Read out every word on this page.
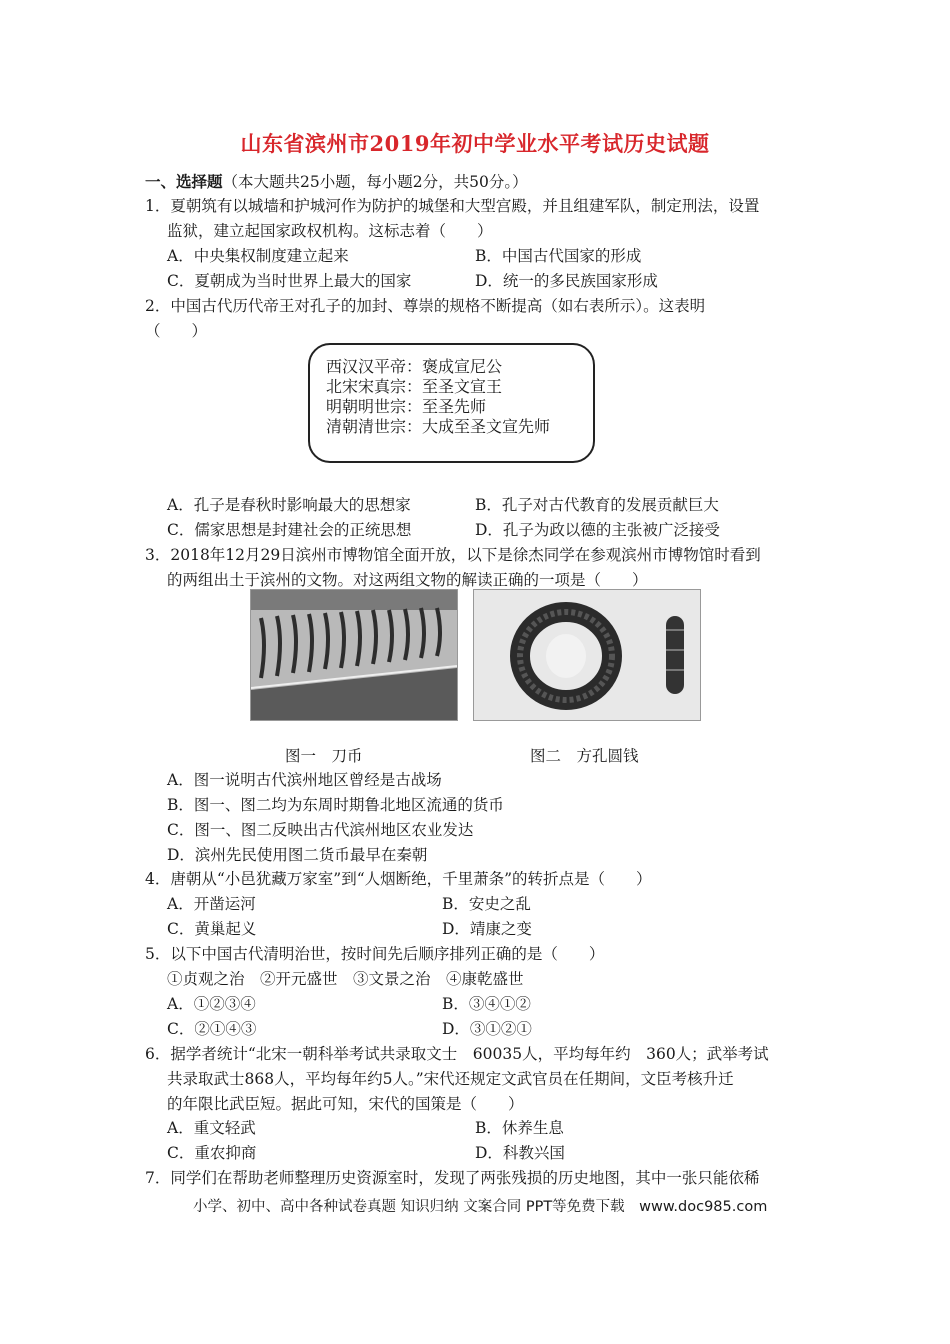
山东省滨州市2019年初中学业水平考试历史试题
一、选择题（本大题共25小题，每小题2分，共50分。）
1．夏朝筑有以城墙和护城河作为防护的城堡和大型宫殿，并且组建军队，制定刑法，设置
监狱，建立起国家政权机构。这标志着（　　）
A．中央集权制度建立起来	B．中国古代国家的形成
C．夏朝成为当时世界上最大的国家	D．统一的多民族国家形成
2．中国古代历代帝王对孔子的加封、尊崇的规格不断提高（如右表所示）。这表明
（　　）
西汉汉平帝：褒成宣尼公
北宋宋真宗：至圣文宣王
明朝明世宗：至圣先师
清朝清世宗：大成至圣文宣先师
A．孔子是春秋时影响最大的思想家	B．孔子对古代教育的发展贡献巨大
C．儒家思想是封建社会的正统思想	D．孔子为政以德的主张被广泛接受
3．2018年12月29日滨州市博物馆全面开放，以下是徐杰同学在参观滨州市博物馆时看到
的两组出土于滨州的文物。对这两组文物的解读正确的一项是（　　）
图一　刀币	图二　方孔圆钱
A．图一说明古代滨州地区曾经是古战场
B．图一、图二均为东周时期鲁北地区流通的货币
C．图一、图二反映出古代滨州地区农业发达
D．滨州先民使用图二货币最早在秦朝
4．唐朝从“小邑犹藏万家室”到“人烟断绝，千里萧条”的转折点是（　　）
A．开凿运河	B．安史之乱
C．黄巢起义	D．靖康之变
5．以下中国古代清明治世，按时间先后顺序排列正确的是（　　）
①贞观之治　②开元盛世　③文景之治　④康乾盛世
A．①②③④	B．③④①②
C．②①④③	D．③①②①
6．据学者统计“北宋一朝科举考试共录取文士　60035人，平均每年约　360人；武举考试
共录取武士868人，平均每年约5人。”宋代还规定文武官员在任期间，文臣考核升迁
的年限比武臣短。据此可知，宋代的国策是（　　）
A．重文轻武	B．休养生息
C．重农抑商	D．科教兴国
7．同学们在帮助老师整理历史资源室时，发现了两张残损的历史地图，其中一张只能依稀
小学、初中、高中各种试卷真题 知识归纳 文案合同 PPT等免费下载　www.doc985.com
